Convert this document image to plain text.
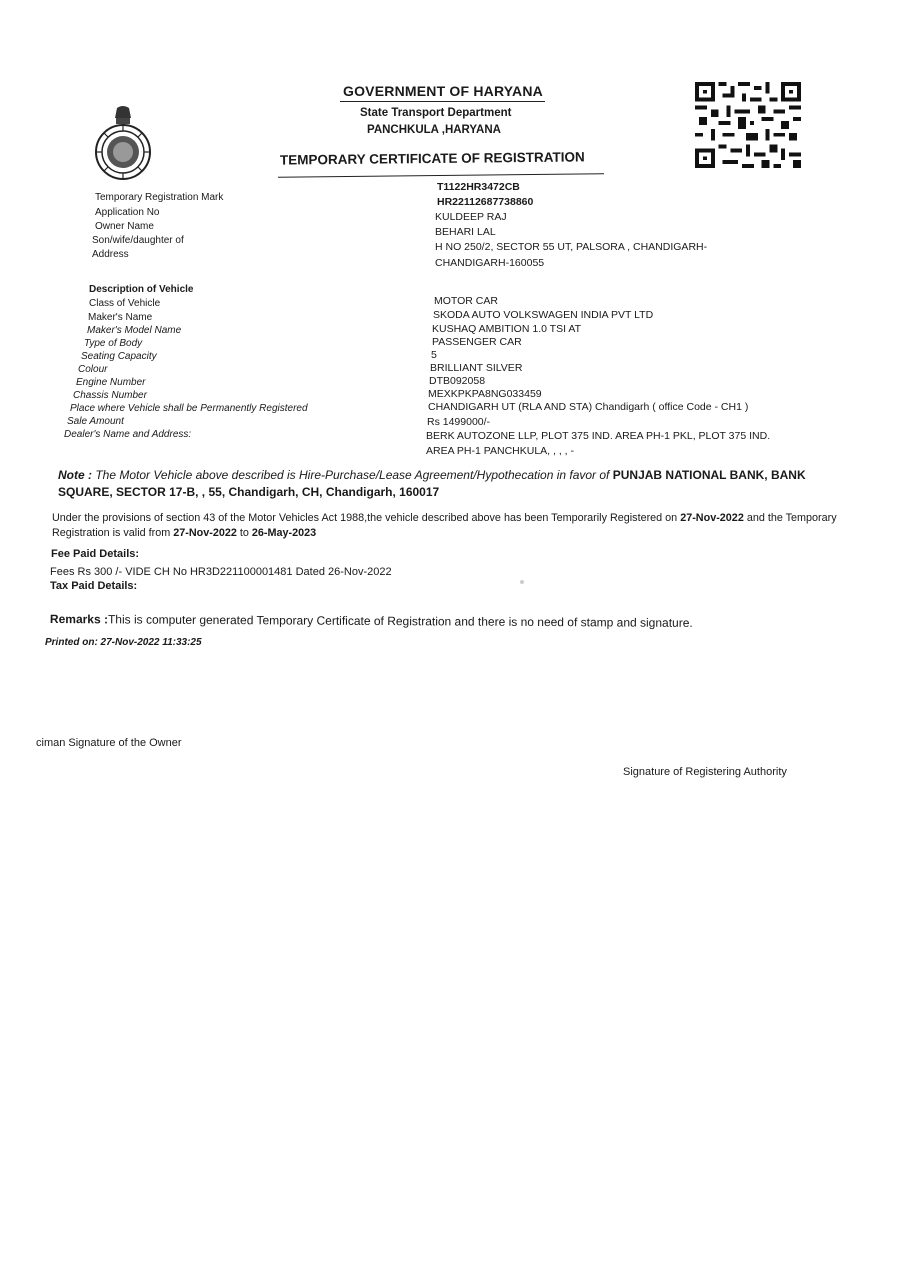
GOVERNMENT OF HARYANA
State Transport Department
PANCHKULA ,HARYANA
TEMPORARY CERTIFICATE OF REGISTRATION
Temporary Registration Mark
Application No
Owner Name
Son/wife/daughter of
Address
T1122HR3472CB
HR22112687738860
KULDEEP RAJ
BEHARI LAL
H NO 250/2, SECTOR 55 UT, PALSORA , CHANDIGARH-
CHANDIGARH-160055
Description of Vehicle
Class of Vehicle
Maker's Name
Maker's Model Name
Type of Body
Seating Capacity
Colour
Engine Number
Chassis Number
Place where Vehicle shall be Permanently Registered
Sale Amount
Dealer's Name and Address:
MOTOR CAR
SKODA AUTO VOLKSWAGEN INDIA PVT LTD
KUSHAQ AMBITION 1.0 TSI AT
PASSENGER CAR
5
BRILLIANT SILVER
DTB092058
MEXKPKPA8NG033459
CHANDIGARH UT (RLA AND STA) Chandigarh ( office Code - CH1 )
Rs 1499000/-
BERK AUTOZONE LLP, PLOT 375 IND. AREA PH-1 PKL, PLOT 375 IND.
AREA PH-1 PANCHKULA, , , , -
Note : The Motor Vehicle above described is Hire-Purchase/Lease Agreement/Hypothecation in favor of PUNJAB NATIONAL BANK, BANK SQUARE, SECTOR 17-B, , 55, Chandigarh, CH, Chandigarh, 160017
Under the provisions of section 43 of the Motor Vehicles Act 1988,the vehicle described above has been Temporarily Registered on 27-Nov-2022 and the Temporary Registration is valid from 27-Nov-2022 to 26-May-2023
Fee Paid Details:
Fees Rs 300 /- VIDE CH No HR3D221100001481 Dated 26-Nov-2022
Tax Paid Details:
Remarks :This is computer generated Temporary Certificate of Registration and there is no need of stamp and signature.
Printed on: 27-Nov-2022 11:33:25
ciman Signature of the Owner
Signature of Registering Authority
